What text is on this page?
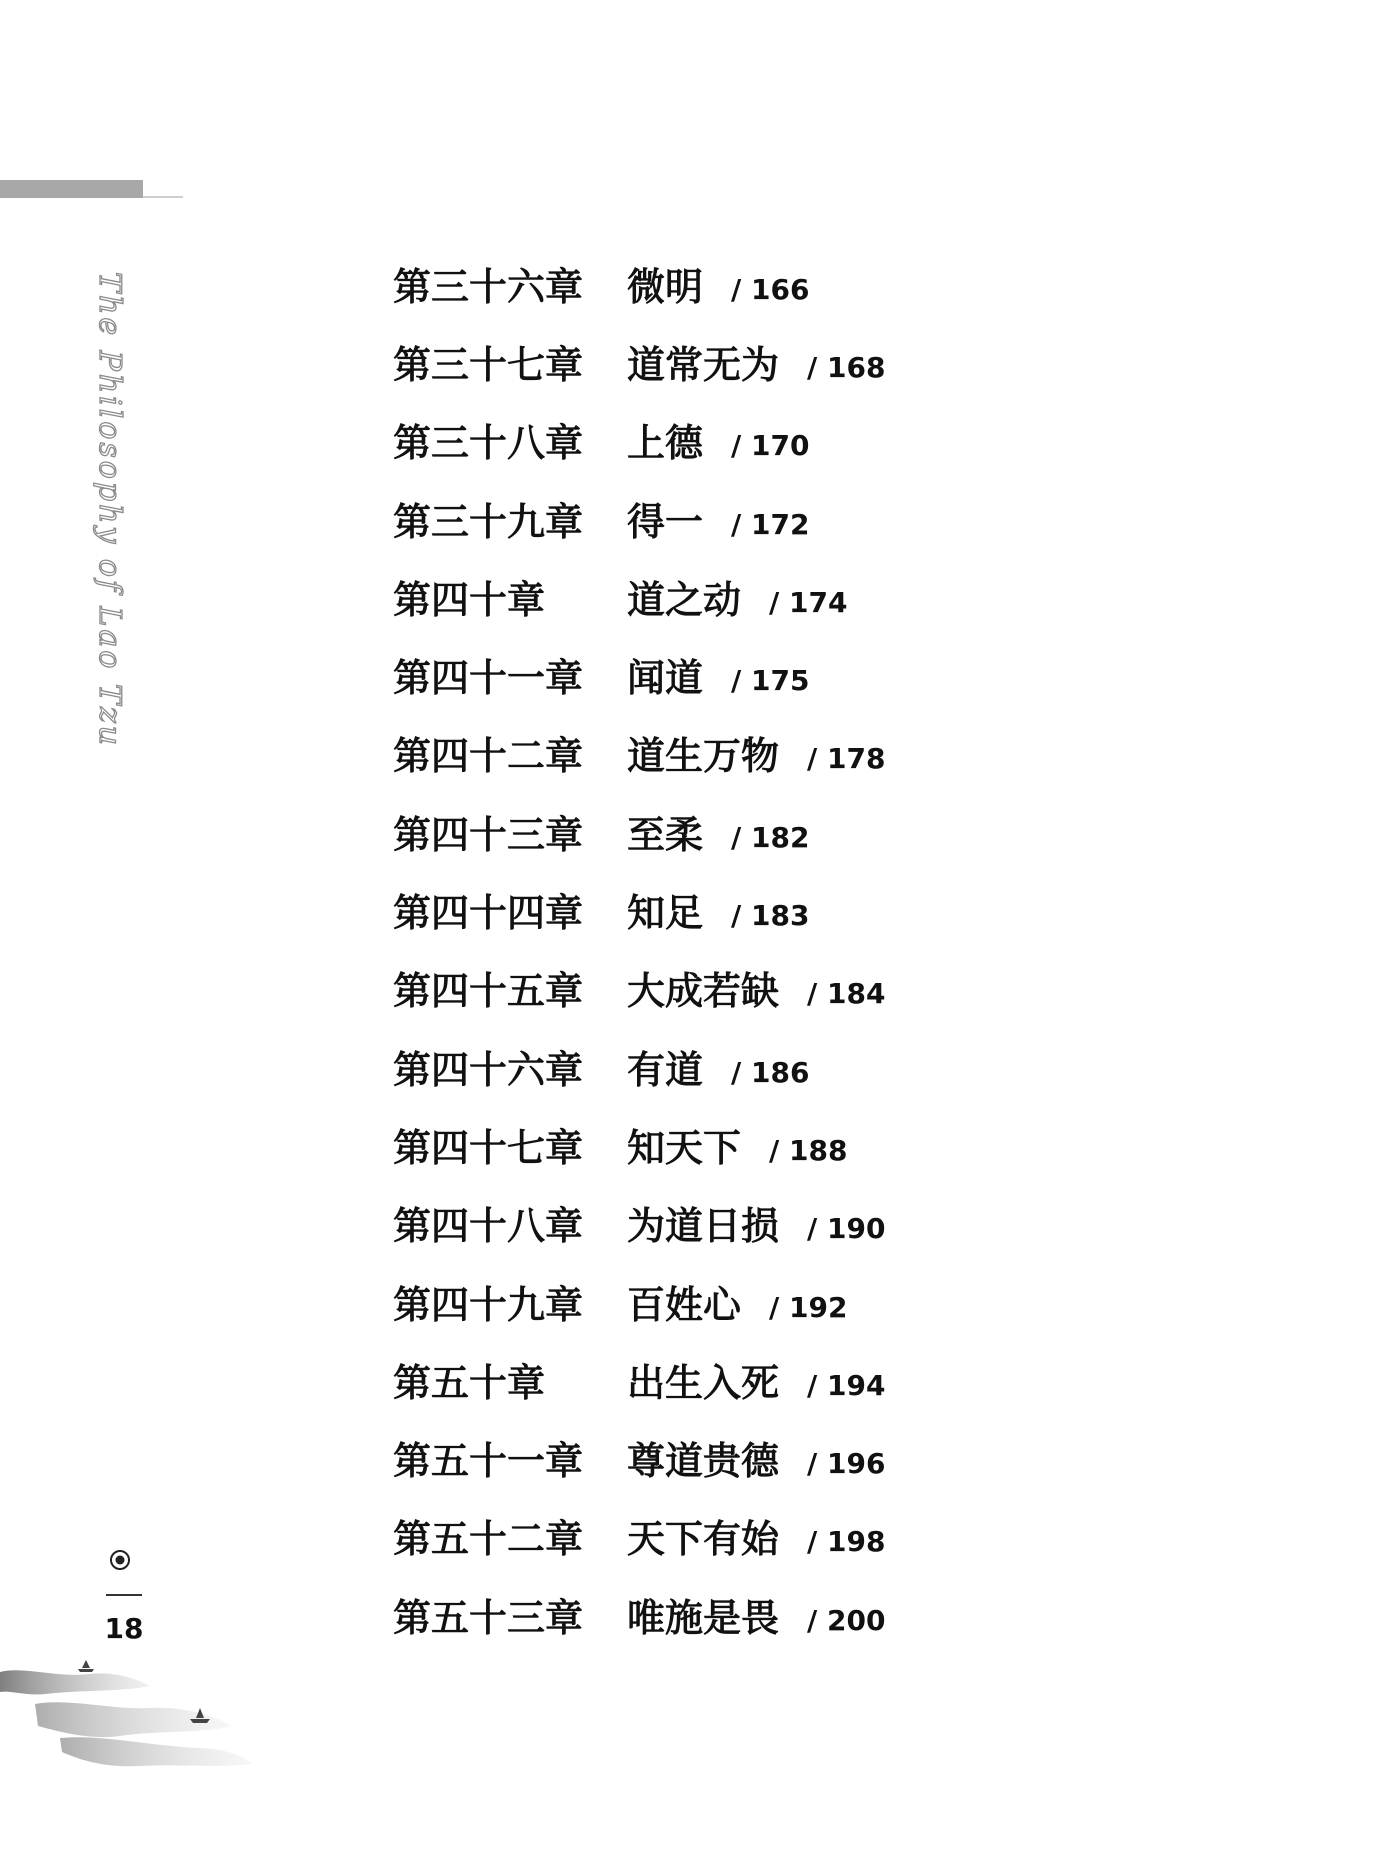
The Philosophy of Lao Tzu	第三十六章	微明 / 166
第三十七章	道常无为 / 168
第三十八章	上德 / 170
第三十九章	得一 / 172
第四十章	道之动 / 174
第四十一章	闻道 / 175
第四十二章	道生万物 / 178
第四十三章	至柔 / 182
第四十四章	知足 / 183
第四十五章	大成若缺 / 184
第四十六章	有道 / 186
第四十七章	知天下 / 188
第四十八章	为道日损 / 190
第四十九章	百姓心 / 192
第五十章	出生入死 / 194
第五十一章	尊道贵德 / 196
第五十二章	天下有始 / 198
第五十三章	唯施是畏 / 200
18
